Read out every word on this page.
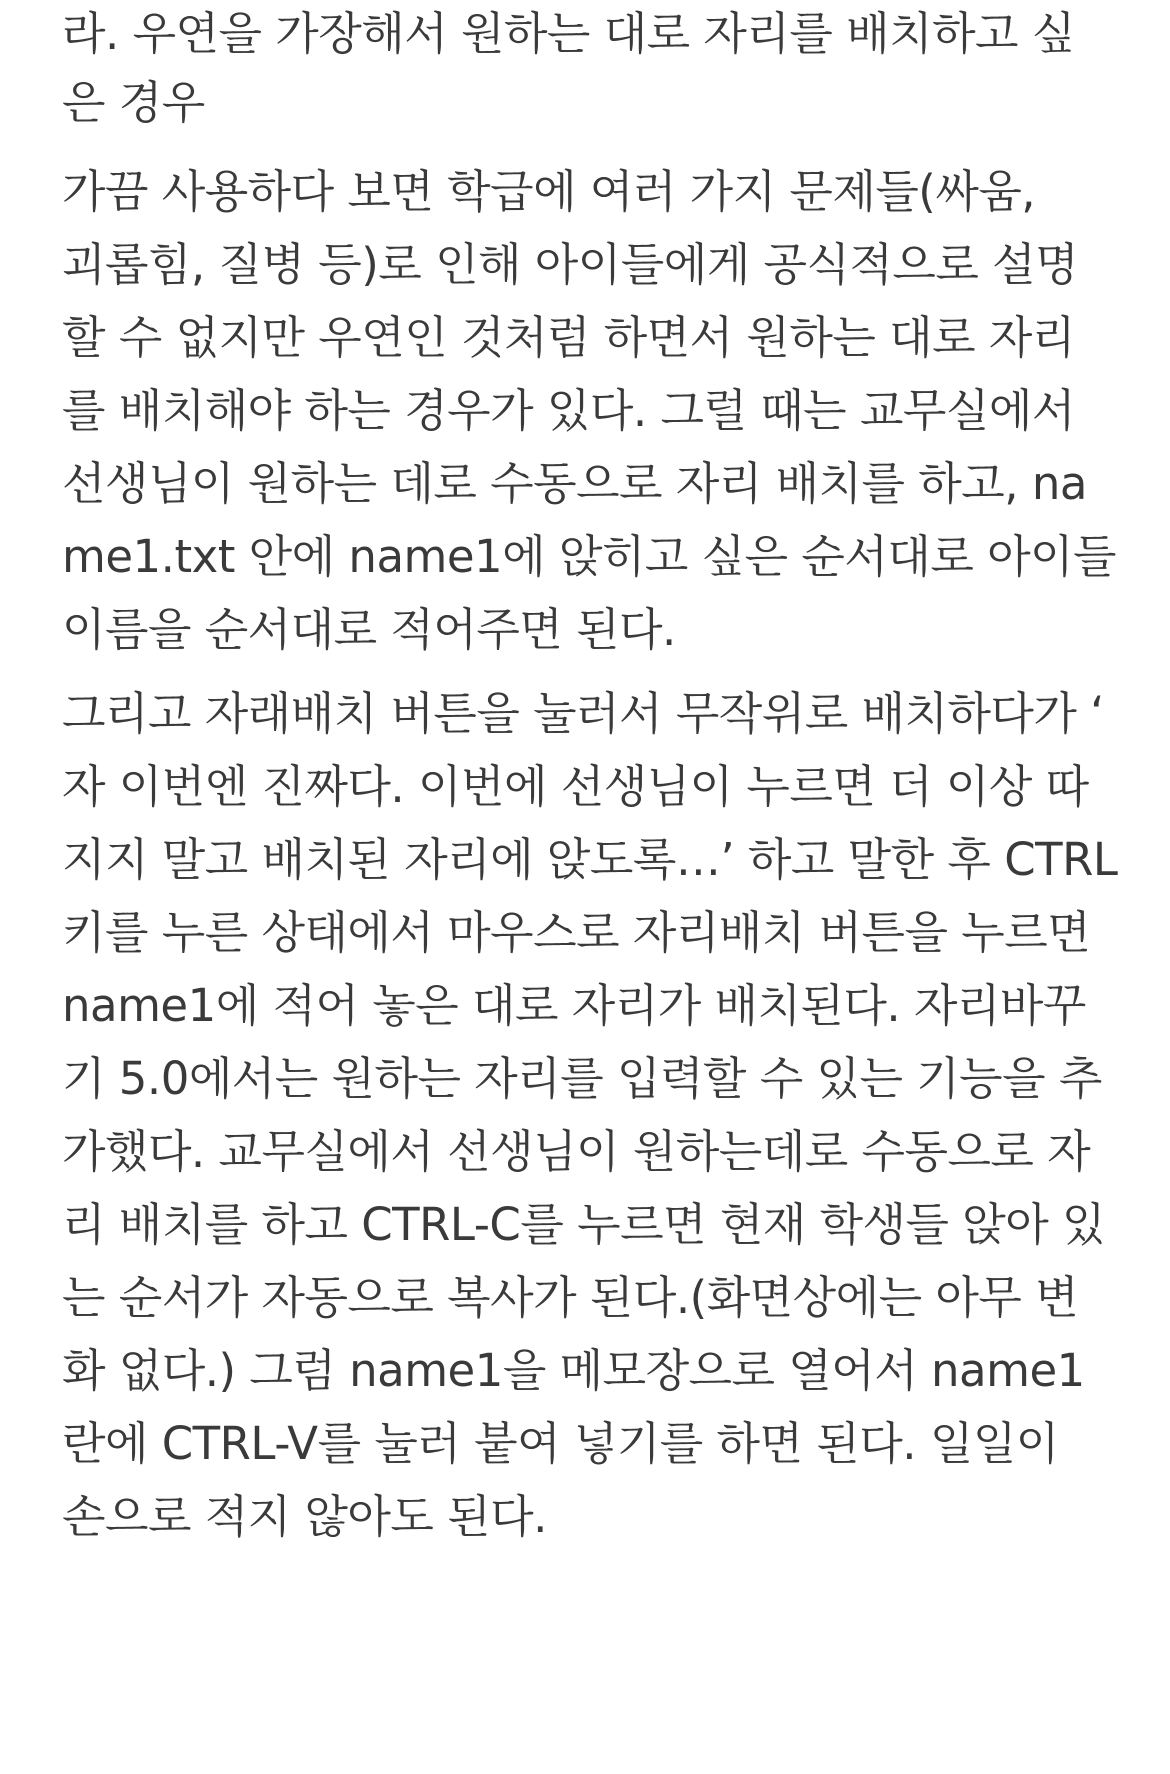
라. 우연을 가장해서 원하는 대로 자리를 배치하고 싶
은 경우
가끔 사용하다 보면 학급에 여러 가지 문제들(싸움,
괴롭힘, 질병 등)로 인해 아이들에게 공식적으로 설명
할 수 없지만 우연인 것처럼 하면서 원하는 대로 자리
를 배치해야 하는 경우가 있다. 그럴 때는 교무실에서
선생님이 원하는 데로 수동으로 자리 배치를 하고, na
me1.txt 안에 name1에 앉히고 싶은 순서대로 아이들
이름을 순서대로 적어주면 된다.
그리고 자래배치 버튼을 눌러서 무작위로 배치하다가 ‘
자 이번엔 진짜다. 이번에 선생님이 누르면 더 이상 따
지지 말고 배치된 자리에 앉도록…’ 하고 말한 후 CTRL
키를 누른 상태에서 마우스로 자리배치 버튼을 누르면
name1에 적어 놓은 대로 자리가 배치된다. 자리바꾸
기 5.0에서는 원하는 자리를 입력할 수 있는 기능을 추
가했다. 교무실에서 선생님이 원하는데로 수동으로 자
리 배치를 하고 CTRL-C를 누르면 현재 학생들 앉아 있
는 순서가 자동으로 복사가 된다.(화면상에는 아무 변
화 없다.) 그럼 name1을 메모장으로 열어서 name1
란에 CTRL-V를 눌러 붙여 넣기를 하면 된다. 일일이
손으로 적지 않아도 된다.
